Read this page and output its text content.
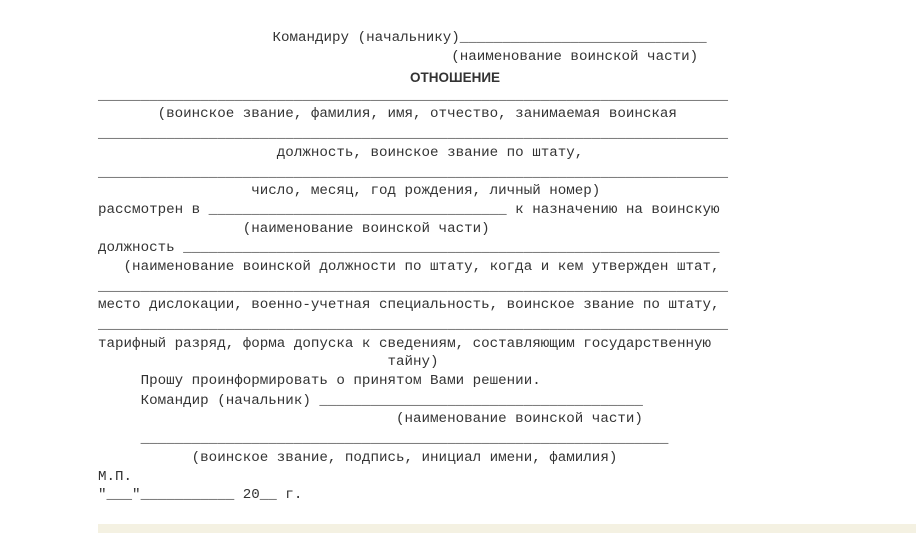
Командиру (начальнику)_____________________________
(наименование воинской части)
ОТНОШЕНИЕ
__________________________________________________________________________
(воинское звание, фамилия, имя, отчество, занимаемая воинская
__________________________________________________________________________
должность, воинское звание по штату,
__________________________________________________________________________
число, месяц, год рождения, личный номер)
рассмотрен в ___________________________________ к назначению на воинскую
(наименование воинской части)
должность _______________________________________________________________
(наименование воинской должности по штату, когда и кем утвержден штат,
__________________________________________________________________________
место дислокации, военно-учетная специальность, воинское звание по штату,
__________________________________________________________________________
тарифный разряд, форма допуска к сведениям, составляющим государственную
тайну)
Прошу проинформировать о принятом Вами решении.
Командир (начальник) ______________________________________
(наименование воинской части)
______________________________________________________________
(воинское звание, подпись, инициал имени, фамилия)
М.П.
"___"___________ 20__ г.
